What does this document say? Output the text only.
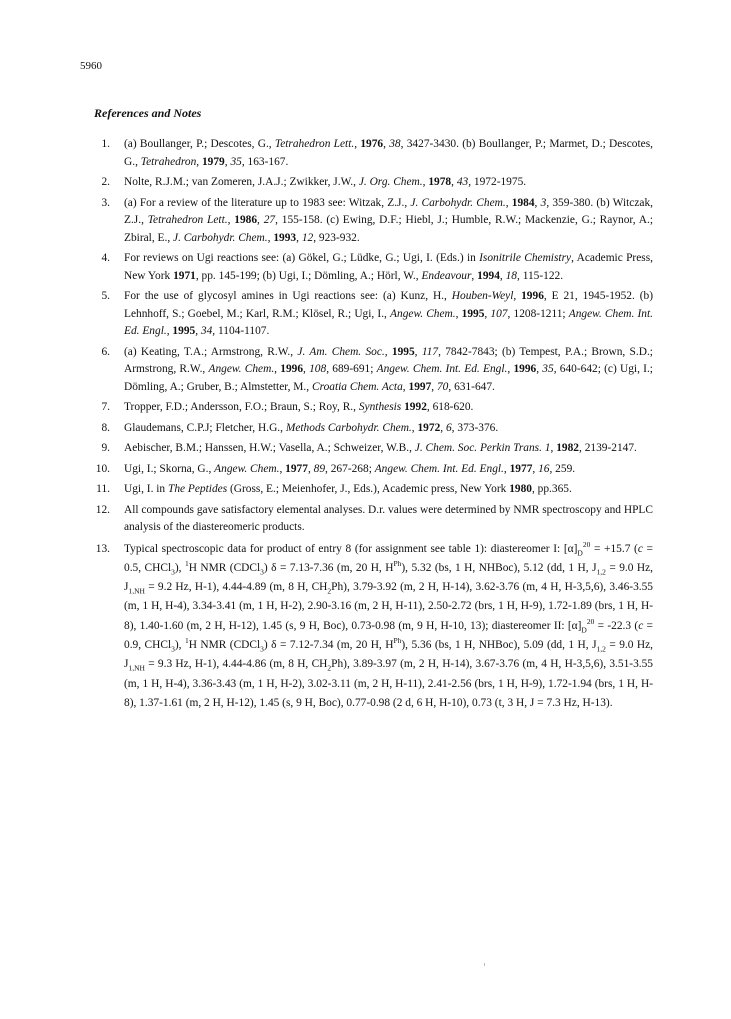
5960
References and Notes
1. (a) Boullanger, P.; Descotes, G., Tetrahedron Lett., 1976, 38, 3427-3430. (b) Boullanger, P.; Marmet, D.; Descotes, G., Tetrahedron, 1979, 35, 163-167.
2. Nolte, R.J.M.; van Zomeren, J.A.J.; Zwikker, J.W., J. Org. Chem., 1978, 43, 1972-1975.
3. (a) For a review of the literature up to 1983 see: Witzak, Z.J., J. Carbohydr. Chem., 1984, 3, 359-380. (b) Witczak, Z.J., Tetrahedron Lett., 1986, 27, 155-158. (c) Ewing, D.F.; Hiebl, J.; Humble, R.W.; Mackenzie, G.; Raynor, A.; Zbiral, E., J. Carbohydr. Chem., 1993, 12, 923-932.
4. For reviews on Ugi reactions see: (a) Gökel, G.; Lüdke, G.; Ugi, I. (Eds.) in Isonitrile Chemistry, Academic Press, New York 1971, pp. 145-199; (b) Ugi, I.; Dömling, A.; Hörl, W., Endeavour, 1994, 18, 115-122.
5. For the use of glycosyl amines in Ugi reactions see: (a) Kunz, H., Houben-Weyl, 1996, E 21, 1945-1952. (b) Lehnhoff, S.; Goebel, M.; Karl, R.M.; Klösel, R.; Ugi, I., Angew. Chem., 1995, 107, 1208-1211; Angew. Chem. Int. Ed. Engl., 1995, 34, 1104-1107.
6. (a) Keating, T.A.; Armstrong, R.W., J. Am. Chem. Soc., 1995, 117, 7842-7843; (b) Tempest, P.A.; Brown, S.D.; Armstrong, R.W., Angew. Chem., 1996, 108, 689-691; Angew. Chem. Int. Ed. Engl., 1996, 35, 640-642; (c) Ugi, I.; Dömling, A.; Gruber, B.; Almstetter, M., Croatia Chem. Acta, 1997, 70, 631-647.
7. Tropper, F.D.; Andersson, F.O.; Braun, S.; Roy, R., Synthesis 1992, 618-620.
8. Glaudemans, C.P.J; Fletcher, H.G., Methods Carbohydr. Chem., 1972, 6, 373-376.
9. Aebischer, B.M.; Hanssen, H.W.; Vasella, A.; Schweizer, W.B., J. Chem. Soc. Perkin Trans. 1, 1982, 2139-2147.
10. Ugi, I.; Skorna, G., Angew. Chem., 1977, 89, 267-268; Angew. Chem. Int. Ed. Engl., 1977, 16, 259.
11. Ugi, I. in The Peptides (Gross, E.; Meienhofer, J., Eds.), Academic press, New York 1980, pp.365.
12. All compounds gave satisfactory elemental analyses. D.r. values were determined by NMR spectroscopy and HPLC analysis of the diastereomeric products.
13. Typical spectroscopic data for product of entry 8 (for assignment see table 1): diastereomer I: $[\alpha]_D^{20} = +15.7$ (c = 0.5, CHCl$_3$), $^1$H NMR (CDCl$_3$) δ = 7.13-7.36 (m, 20 H, $H^{Ph}$), 5.32 (bs, 1 H, NHBoc), 5.12 (dd, 1 H, $J_{1,2} = 9.0$ Hz, $J_{1,NH} = 9.2$ Hz, H-1), 4.44-4.89 (m, 8 H, $CH_2Ph$), 3.79-3.92 (m, 2 H, H-14), 3.62-3.76 (m, 4 H, H-3,5,6), 3.46-3.55 (m, 1 H, H-4), 3.34-3.41 (m, 1 H, H-2), 2.90-3.16 (m, 2 H, H-11), 2.50-2.72 (brs, 1 H, H-9), 1.72-1.89 (brs, 1 H, H-8), 1.40-1.60 (m, 2 H, H-12), 1.45 (s, 9 H, Boc), 0.73-0.98 (m, 9 H, H-10, 13); diastereomer II: $[\alpha]_D^{20} = -22.3$ (c = 0.9, CHCl$_3$), $^1$H NMR (CDCl$_3$) δ = 7.12-7.34 (m, 20 H, $H^{Ph}$), 5.36 (bs, 1 H, NHBoc), 5.09 (dd, 1 H, $J_{1,2} = 9.0$ Hz, $J_{1,NH} = 9.3$ Hz, H-1), 4.44-4.86 (m, 8 H, $CH_2Ph$), 3.89-3.97 (m, 2 H, H-14), 3.67-3.76 (m, 4 H, H-3,5,6), 3.51-3.55 (m, 1 H, H-4), 3.36-3.43 (m, 1 H, H-2), 3.02-3.11 (m, 2 H, H-11), 2.41-2.56 (brs, 1 H, H-9), 1.72-1.94 (brs, 1 H, H-8), 1.37-1.61 (m, 2 H, H-12), 1.45 (s, 9 H, Boc), 0.77-0.98 (2 d, 6 H, H-10), 0.73 (t, 3 H, J = 7.3 Hz, H-13).
